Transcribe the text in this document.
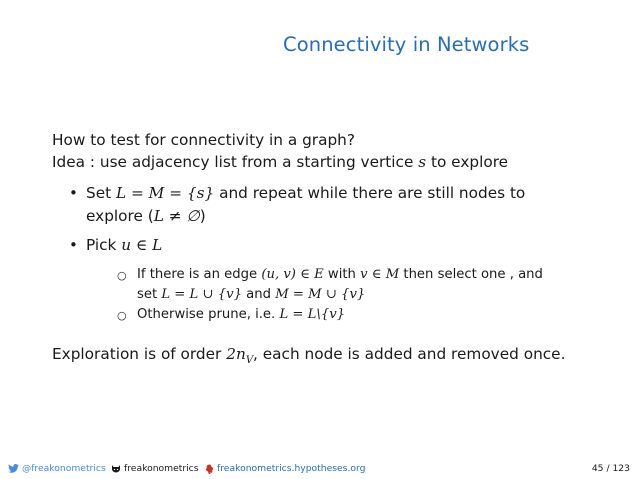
Connectivity in Networks
How to test for connectivity in a graph?
Idea : use adjacency list from a starting vertice s to explore
• Set L = M = {s} and repeat while there are still nodes to
explore (L ≠ ∅)
• Pick u ∈ L
○ If there is an edge (u, v) ∈ E with v ∈ M then select one , and
set L = L ∪ {v} and M = M ∪ {v}
○ Otherwise prune, i.e. L = L\{v}
Exploration is of order $2n_V$, each node is added and removed once.
@freakonometrics freakonometrics freakonometrics.hypotheses.org	45 / 123
